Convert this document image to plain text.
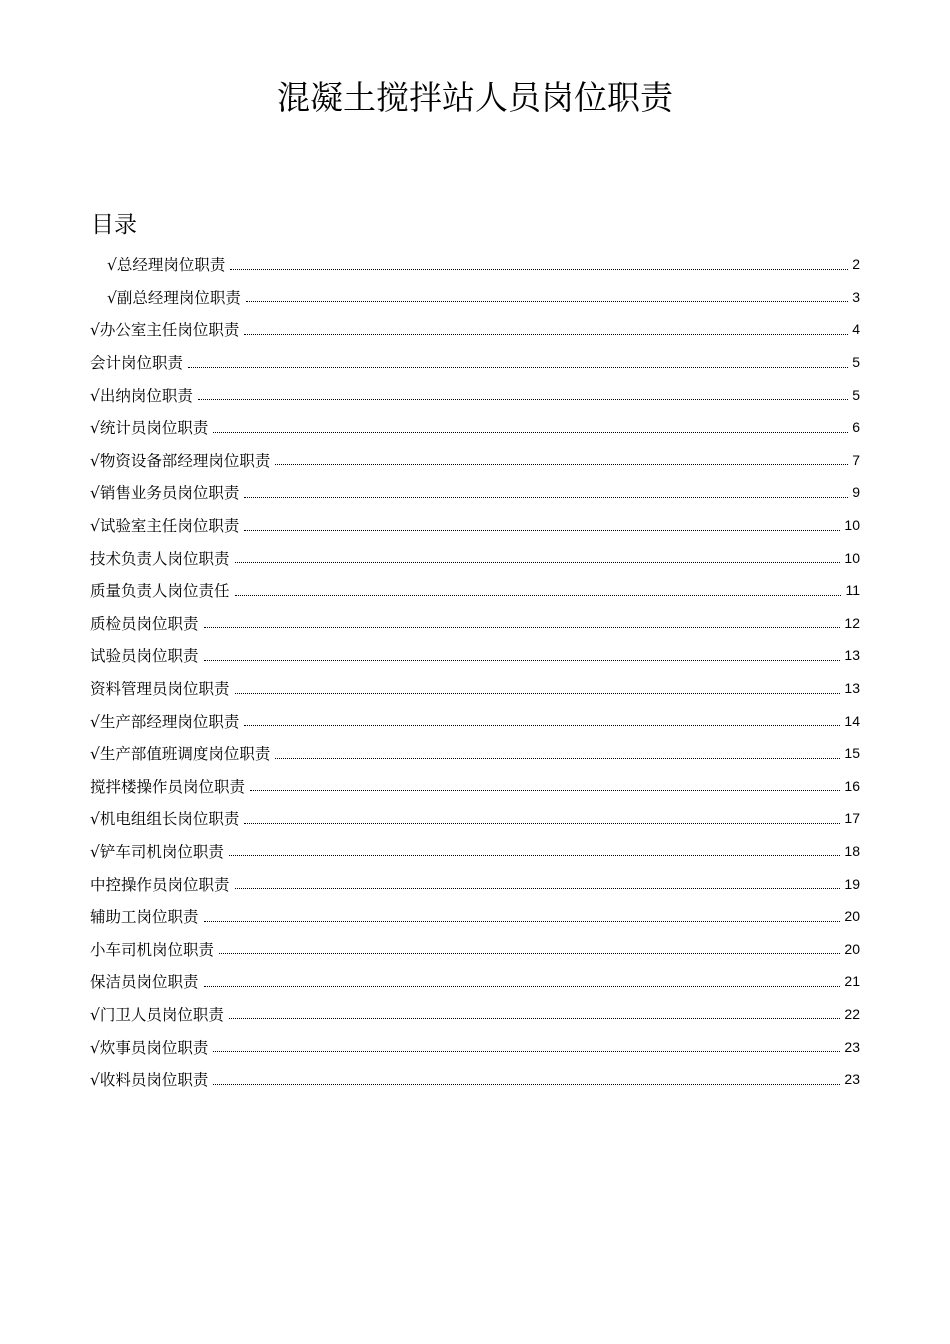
混凝土搅拌站人员岗位职责
目录
√总经理岗位职责	2
√副总经理岗位职责	3
√办公室主任岗位职责	4
会计岗位职责	5
√出纳岗位职责	5
√统计员岗位职责	6
√物资设备部经理岗位职责	7
√销售业务员岗位职责	9
√试验室主任岗位职责	10
技术负责人岗位职责	10
质量负责人岗位责任	11
质检员岗位职责	12
试验员岗位职责	13
资料管理员岗位职责	13
√生产部经理岗位职责	14
√生产部值班调度岗位职责	15
搅拌楼操作员岗位职责	16
√机电组组长岗位职责	17
√铲车司机岗位职责	18
中控操作员岗位职责	19
辅助工岗位职责	20
小车司机岗位职责	20
保洁员岗位职责	21
√门卫人员岗位职责	22
√炊事员岗位职责	23
√收料员岗位职责	23
